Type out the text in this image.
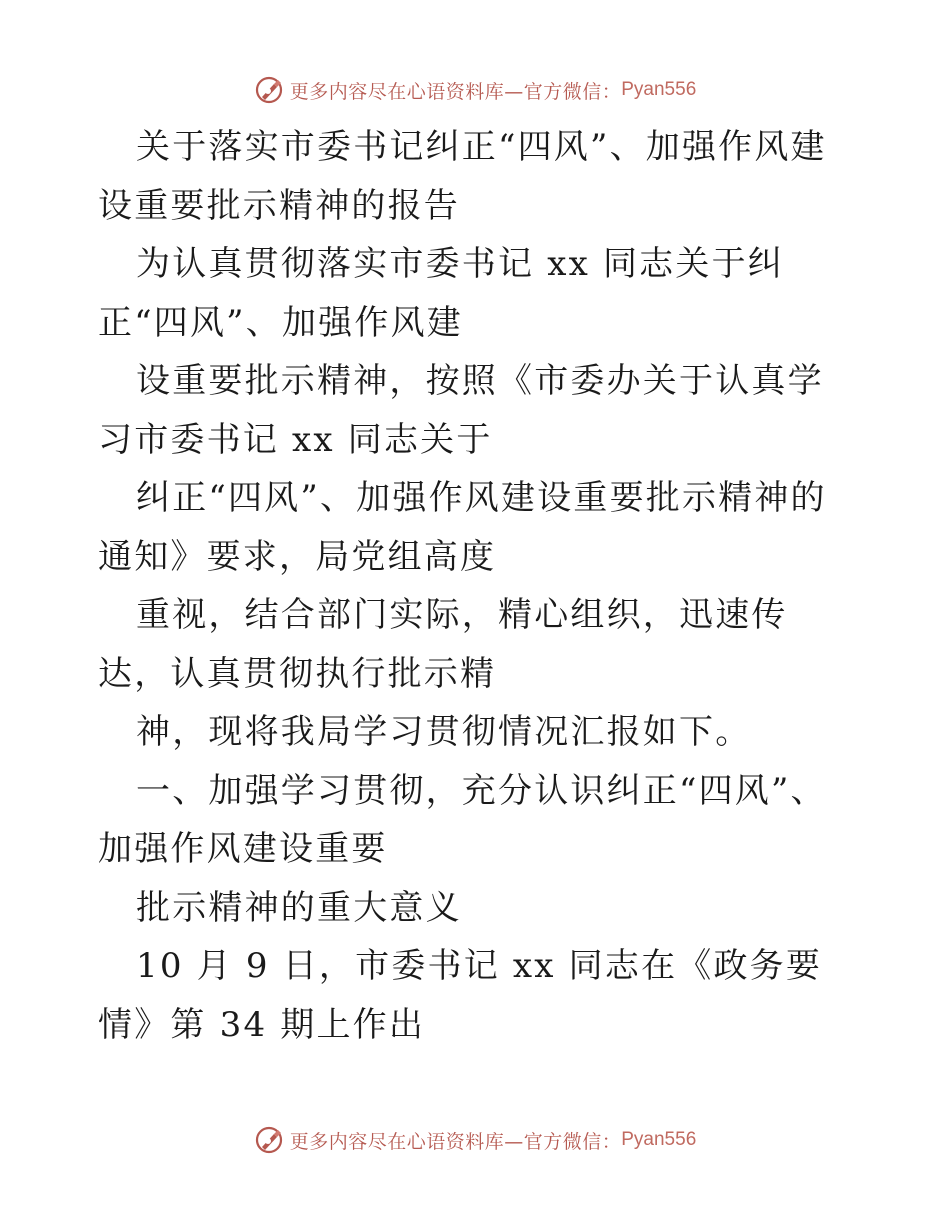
更多内容尽在心语资料库—官方微信： Pyan556

关于落实市委书记纠正“四风”、加强作风建设重要批示精神的报告

为认真贯彻落实市委书记 xx 同志关于纠正“四风”、加强作风建

设重要批示精神，按照《市委办关于认真学习市委书记 xx 同志关于

纠正“四风”、加强作风建设重要批示精神的通知》要求，局党组高度

重视，结合部门实际，精心组织，迅速传达，认真贯彻执行批示精

神，现将我局学习贯彻情况汇报如下。

一、加强学习贯彻，充分认识纠正“四风”、加强作风建设重要

批示精神的重大意义

10 月 9 日，市委书记 xx 同志在《政务要情》第 34 期上作出

更多内容尽在心语资料库—官方微信： Pyan556
